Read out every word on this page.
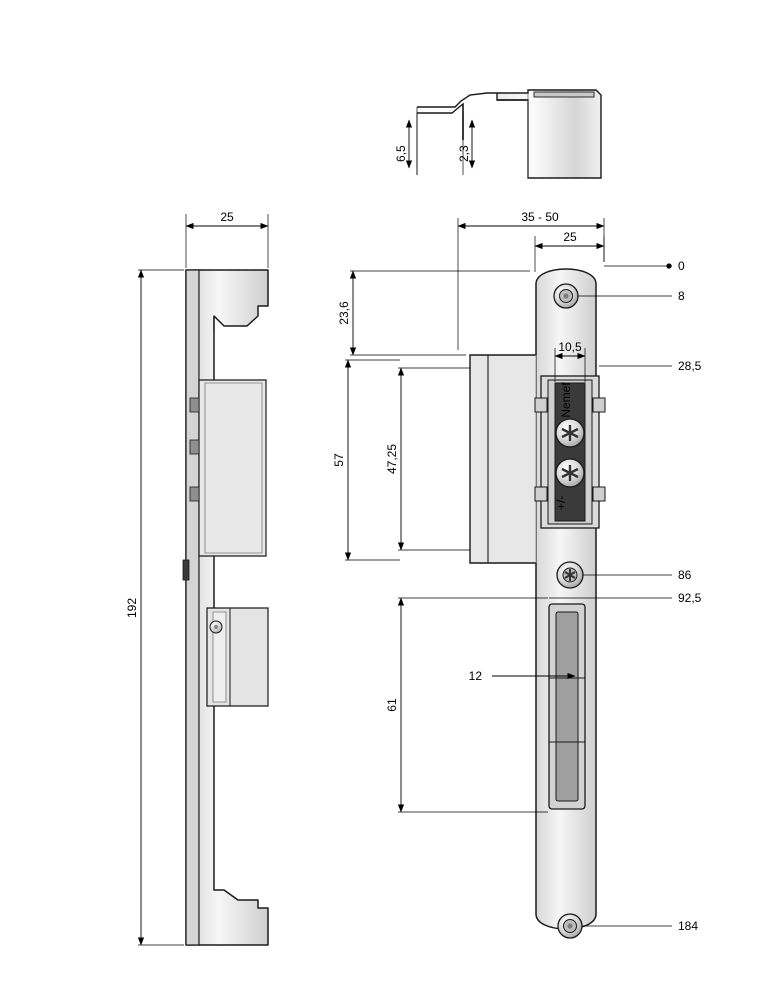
6,5	2,3
25
192
Nemef
+/-
35 - 50
25
10,5
23,6
57	47,25
61
12
0
8
28,5
86
92,5
184
